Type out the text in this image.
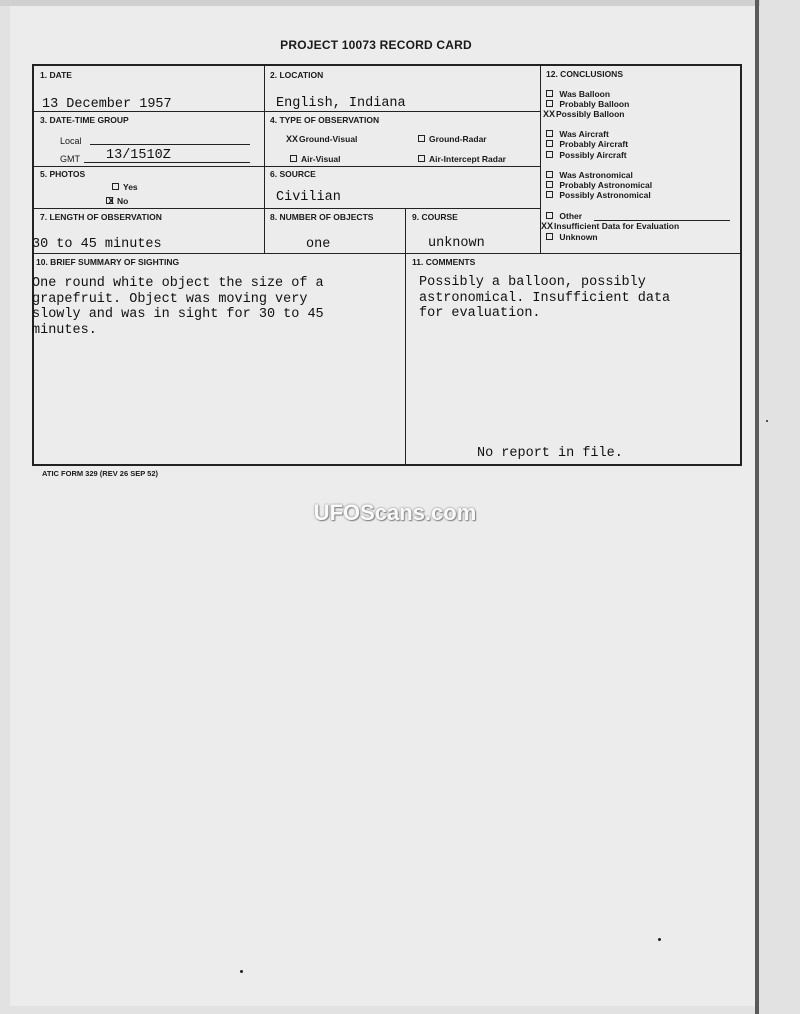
PROJECT 10073 RECORD CARD
1. DATE
13 December 1957
2. LOCATION
English, Indiana
3. DATE-TIME GROUP
Local
GMT 13/1510Z
4. TYPE OF OBSERVATION
XXGround-Visual	Ground-Radar
Air-Visual	Air-Intercept Radar
5. PHOTOS
Yes
X No
6. SOURCE
Civilian
7. LENGTH OF OBSERVATION
30 to 45 minutes
8. NUMBER OF OBJECTS
one
9. COURSE
unknown
10. BRIEF SUMMARY OF SIGHTING
One round white object the size of a
grapefruit. Object was moving very
slowly and was in sight for 30 to 45
minutes.
11. COMMENTS
Possibly a balloon, possibly
astronomical. Insufficient data
for evaluation.
No report in file.
12. CONCLUSIONS
Was Balloon
Probably Balloon
XXPossibly Balloon
Was Aircraft
Probably Aircraft
Possibly Aircraft
Was Astronomical
Probably Astronomical
Possibly Astronomical
Other
XXInsufficient Data for Evaluation
Unknown
ATIC FORM 329 (REV 26 SEP 52)
UFOScans.com
